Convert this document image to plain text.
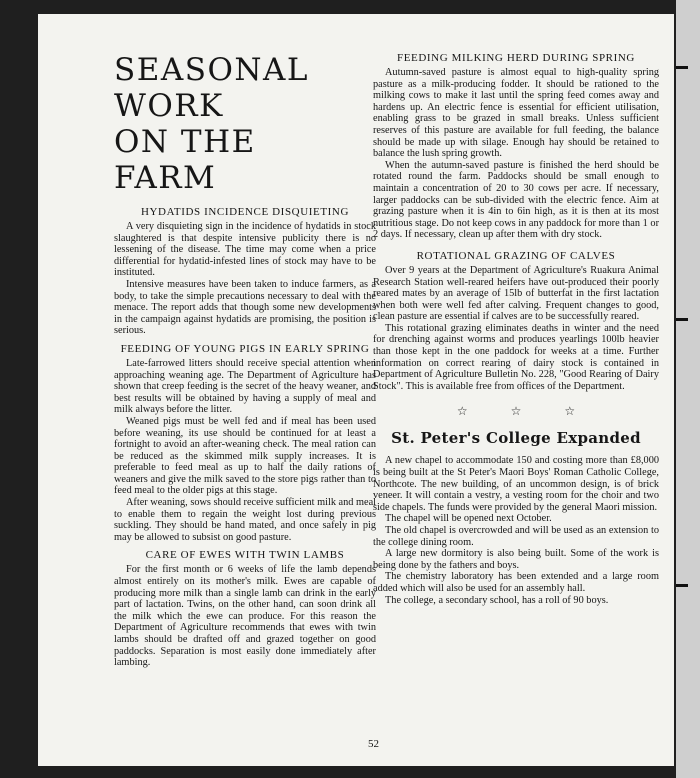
SEASONAL
WORK
ON THE
FARM
HYDATIDS INCIDENCE DISQUIETING

A very disquieting sign in the incidence of hydatids in stock slaughtered is that despite intensive publicity there is no lessening of the disease. The time may come when a price differential for hydatid-infested lines of stock may have to be instituted.

Intensive measures have been taken to induce farmers, as a body, to take the simple precautions necessary to deal with the menace. The report adds that though some new developments in the campaign against hydatids are promising, the position is serious.

FEEDING OF YOUNG PIGS IN EARLY SPRING

Late-farrowed litters should receive special attention when approaching weaning age. The Department of Agriculture has shown that creep feeding is the secret of the heavy weaner, and best results will be obtained by having a supply of meal and milk always before the litter.

Weaned pigs must be well fed and if meal has been used before weaning, its use should be continued for at least a fortnight to avoid an after-weaning check. The meal ration can be reduced as the skimmed milk supply increases. It is preferable to feed meal as up to half the daily rations of weaners and give the milk saved to the store pigs rather than to feed meal to the older pigs at this stage.

After weaning, sows should receive sufficient milk and meal to enable them to regain the weight lost during previous suckling. They should be hand mated, and once safely in pig may be allowed to subsist on good pasture.

CARE OF EWES WITH TWIN LAMBS

For the first month or 6 weeks of life the lamb depends almost entirely on its mother's milk. Ewes are capable of producing more milk than a single lamb can drink in the early part of lactation. Twins, on the other hand, can soon drink all the milk which the ewe can produce. For this reason the Department of Agriculture recommends that ewes with twin lambs should be drafted off and grazed together on good paddocks. Separation is most easily done immediately after lambing.

FEEDING MILKING HERD DURING SPRING

Autumn-saved pasture is almost equal to high-quality spring pasture as a milk-producing fodder. It should be rationed to the milking cows to make it last until the spring feed comes away and hardens up. An electric fence is essential for efficient utilisation, enabling grass to be grazed in small breaks. Unless sufficient reserves of this pasture are available for full feeding, the balance should be made up with silage. Enough hay should be retained to balance the lush spring growth.

When the autumn-saved pasture is finished the herd should be rotated round the farm. Paddocks should be small enough to maintain a concentration of 20 to 30 cows per acre. If necessary, larger paddocks can be sub-divided with the electric fence. Aim at grazing pasture when it is 4in to 6in high, as it is then at its most nutritious stage. Do not keep cows in any paddock for more than 1 or 2 days. If necessary, clean up after them with dry stock.

ROTATIONAL GRAZING OF CALVES

Over 9 years at the Department of Agriculture's Ruakura Animal Research Station well-reared heifers have out-produced their poorly reared mates by an average of 15lb of butterfat in the first lactation when both were well fed after calving. Frequent changes to good, clean pasture are essential if calves are to be successfully reared.

This rotational grazing eliminates deaths in winter and the need for drenching against worms and produces yearlings 100lb heavier than those kept in the one paddock for weeks at a time. Further information on correct rearing of dairy stock is contained in Department of Agriculture Bulletin No. 228, "Good Rearing of Dairy Stock". This is available free from offices of the Department.

☆	☆	☆
St. Peter's College Expanded

A new chapel to accommodate 150 and costing more than £8,000 is being built at the St Peter's Maori Boys' Roman Catholic College, Northcote. The new building, of an uncommon design, is of brick veneer. It will contain a vestry, a vesting room for the choir and two side chapels. The funds were provided by the general Maori mission.

The chapel will be opened next October.

The old chapel is overcrowded and will be used as an extension to the college dining room.

A large new dormitory is also being built. Some of the work is being done by the fathers and boys.

The chemistry laboratory has been extended and a large room added which will also be used for an assembly hall.

The college, a secondary school, has a roll of 90 boys.

52
